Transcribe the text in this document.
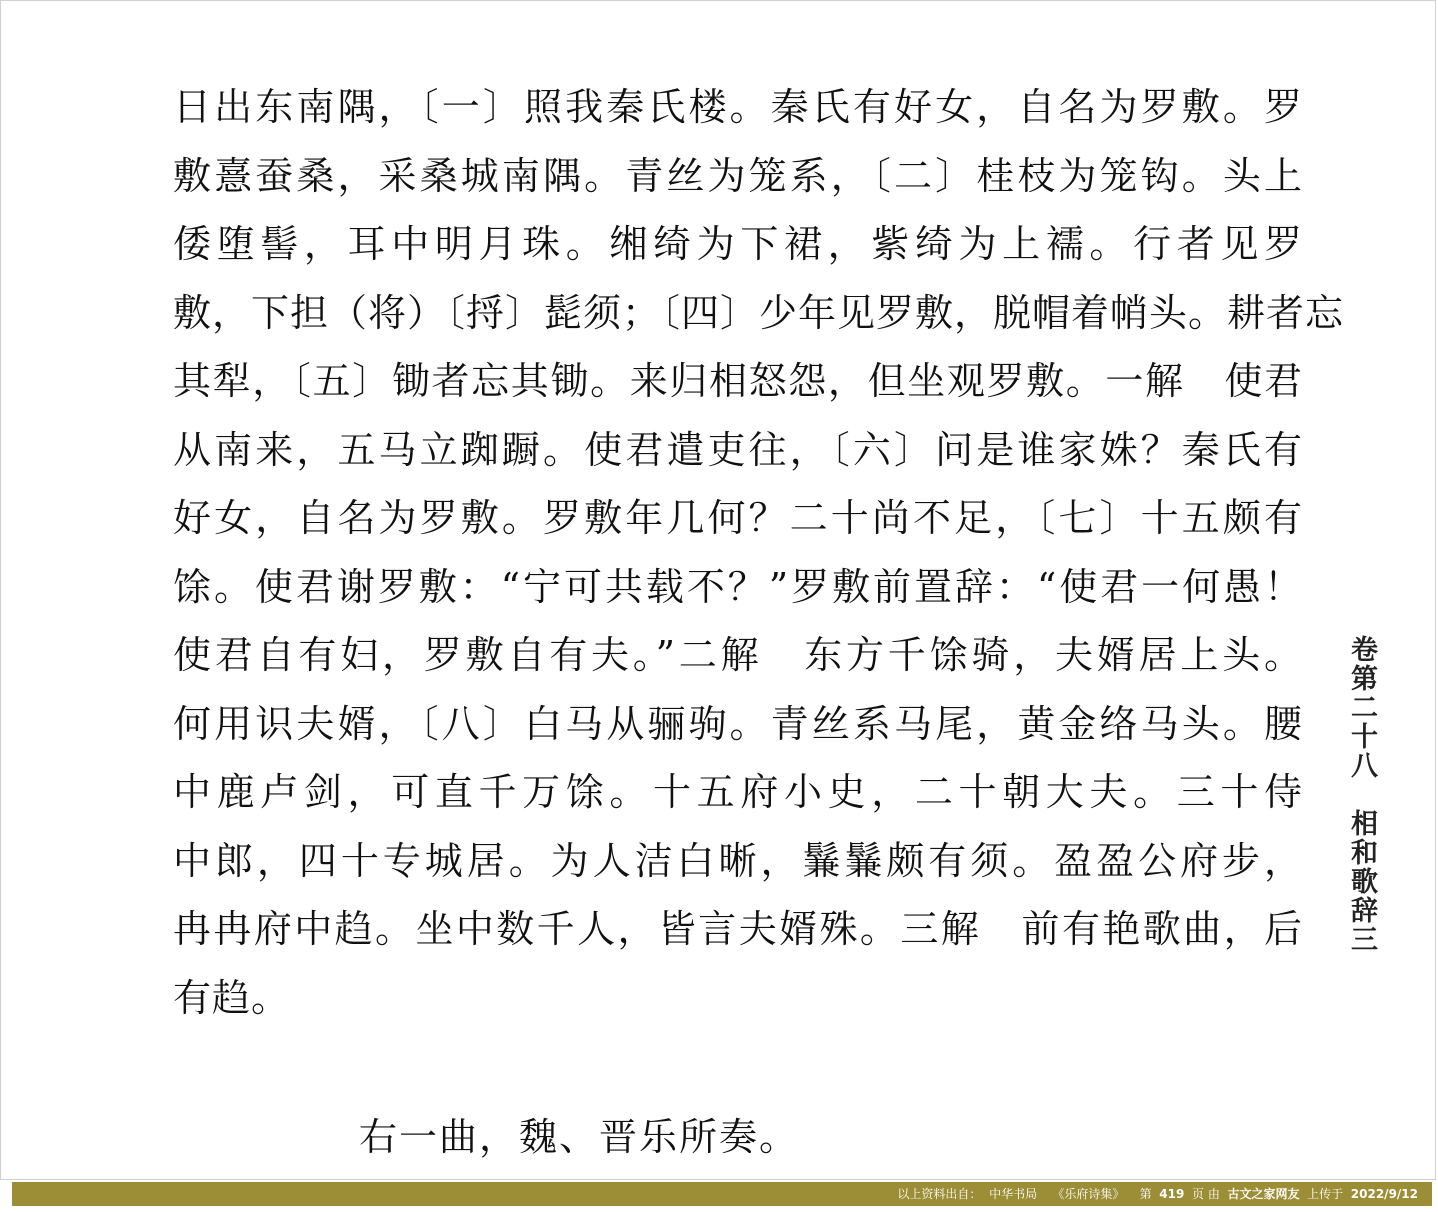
日出东南隅，〔一〕照我秦氏楼。秦氏有好女，自名为罗敷。罗
敷憙蚕桑，采桑城南隅。青丝为笼系，〔二〕桂枝为笼钩。头上
倭堕髻，耳中明月珠。缃绮为下裙，紫绮为上襦。行者见罗
敷，下担（将）〔捋〕髭须；〔四〕少年见罗敷，脱帽着帩头。耕者忘
其犁，〔五〕锄者忘其锄。来归相怒怨，但坐观罗敷。一解　使君
从南来，五马立踟蹰。使君遣吏往，〔六〕问是谁家姝？秦氏有
好女，自名为罗敷。罗敷年几何？二十尚不足，〔七〕十五颇有
馀。使君谢罗敷：“宁可共载不？”罗敷前置辞：“使君一何愚！
使君自有妇，罗敷自有夫。”二解　东方千馀骑，夫婿居上头。
何用识夫婿，〔八〕白马从骊驹。青丝系马尾，黄金络马头。腰
中鹿卢剑，可直千万馀。十五府小史，二十朝大夫。三十侍
中郎，四十专城居。为人洁白晰，鬑鬑颇有须。盈盈公府步，
冉冉府中趋。坐中数千人，皆言夫婿殊。三解　前有艳歌曲，后
有趋。
右一曲，魏、晋乐所奏。
卷第二十八　相和歌辞三
以上资料出自： 中华书局 《乐府诗集》 第 419 页 由 古文之家网友 上传于 2022/9/12
